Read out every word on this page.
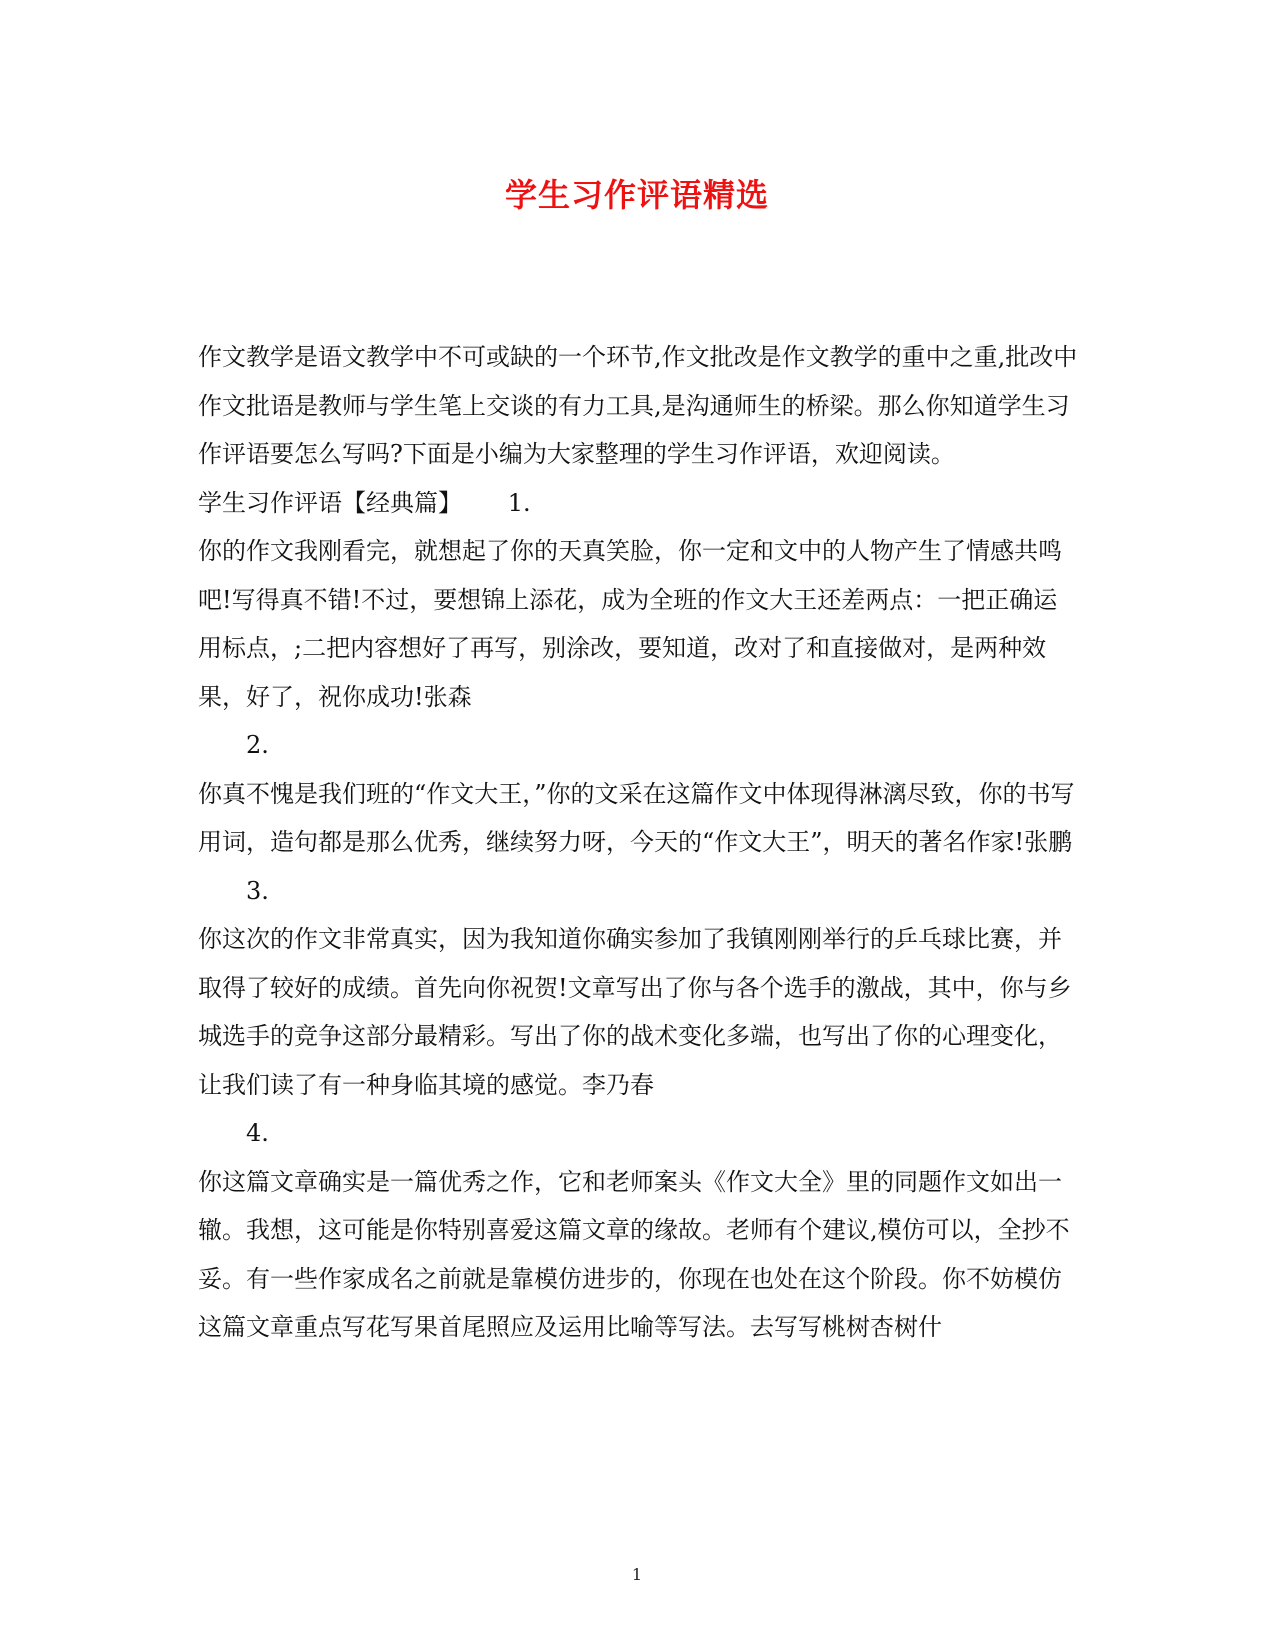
学生习作评语精选

作文教学是语文教学中不可或缺的一个环节,作文批改是作文教学的重中之重,批改中作文批语是教师与学生笔上交谈的有力工具,是沟通师生的桥梁。那么你知道学生习作评语要怎么写吗?下面是小编为大家整理的学生习作评语，欢迎阅读。

学生习作评语【经典篇】 1.

你的作文我刚看完，就想起了你的天真笑脸，你一定和文中的人物产生了情感共鸣吧!写得真不错!不过，要想锦上添花，成为全班的作文大王还差两点：一把正确运用标点，;二把内容想好了再写，别涂改，要知道，改对了和直接做对，是两种效果，好了，祝你成功!张森

2.

你真不愧是我们班的“作文大王，”你的文采在这篇作文中体现得淋漓尽致，你的书写用词，造句都是那么优秀，继续努力呀，今天的“作文大王”，明天的著名作家!张鹏

3.

你这次的作文非常真实，因为我知道你确实参加了我镇刚刚举行的乒乓球比赛，并取得了较好的成绩。首先向你祝贺!文章写出了你与各个选手的激战，其中，你与乡城选手的竞争这部分最精彩。写出了你的战术变化多端，也写出了你的心理变化，让我们读了有一种身临其境的感觉。李乃春

4.

你这篇文章确实是一篇优秀之作，它和老师案头《作文大全》里的同题作文如出一辙。我想，这可能是你特别喜爱这篇文章的缘故。老师有个建议,模仿可以，全抄不妥。有一些作家成名之前就是靠模仿进步的，你现在也处在这个阶段。你不妨模仿这篇文章重点写花写果首尾照应及运用比喻等写法。去写写桃树杏树什

1
